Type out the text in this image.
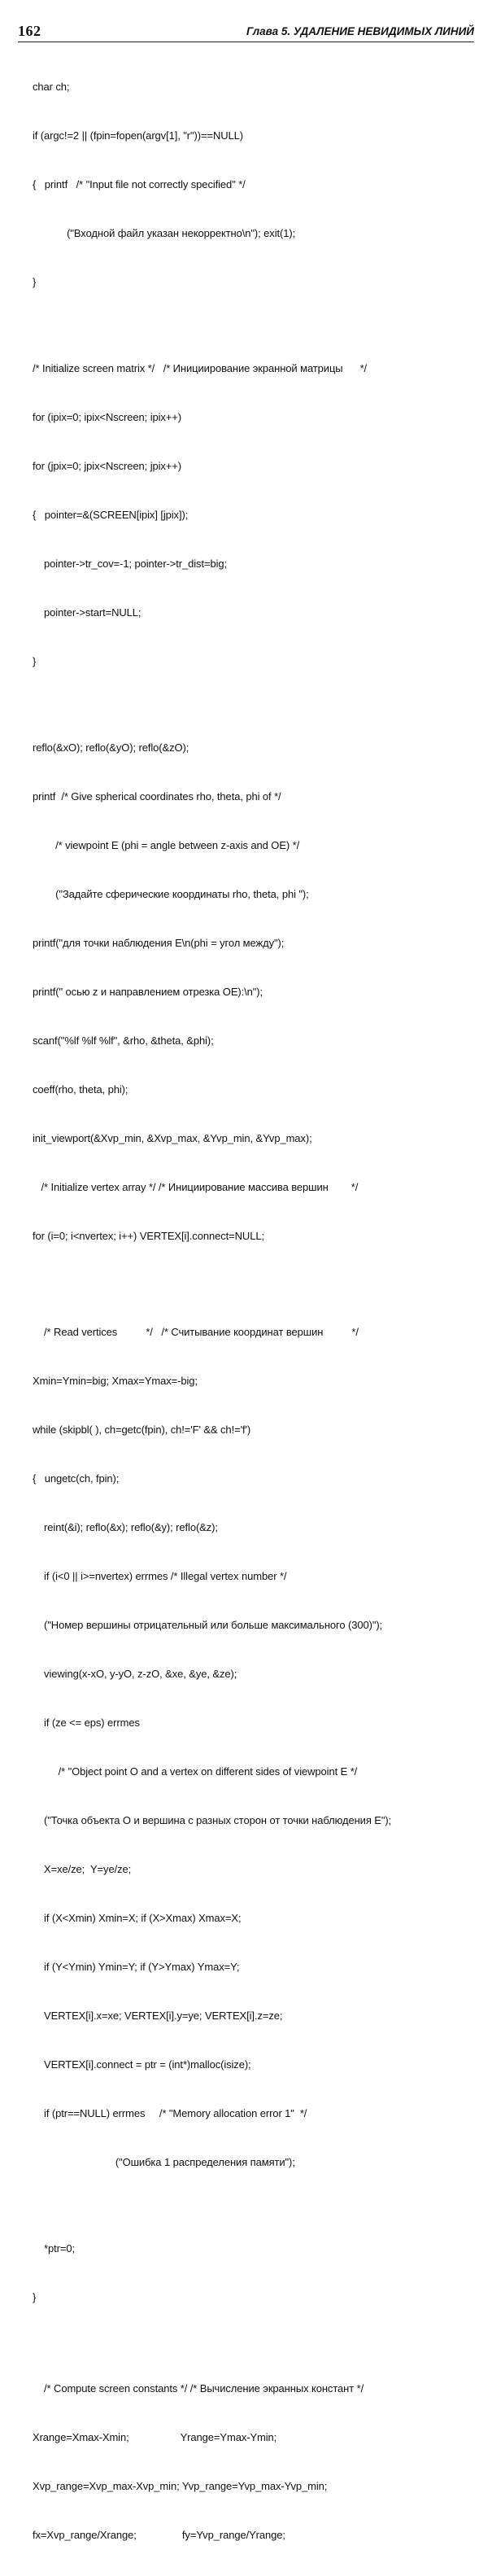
162	Глава 5. УДАЛЕНИЕ НЕВИДИМЫХ ЛИНИЙ

char ch;

if (argc!=2 || (fpin=fopen(argv[1], "r"))==NULL)

{   printf   /* "Input file not correctly specified" */

("Входной файл указан некорректно\n"); exit(1);

}

/* Initialize screen matrix */   /* Инициирование экранной матрицы      */

for (ipix=0; ipix<Nscreen; ipix++)

for (jpix=0; jpix<Nscreen; jpix++)

{   pointer=&(SCREEN[ipix] [jpix]);

pointer->tr_cov=-1; pointer->tr_dist=big;

pointer->start=NULL;

}

reflo(&xO); reflo(&yO); reflo(&zO);

printf  /* Give spherical coordinates rho, theta, phi of */

/* viewpoint E (phi = angle between z-axis and OE) */

("Задайте сферические координаты rho, theta, phi ");

printf("для точки наблюдения E\n(phi = угол между");

printf(" осью z и направлением отрезка OE):\n");

scanf("%lf %lf %lf", &rho, &theta, &phi);

coeff(rho, theta, phi);

init_viewport(&Xvp_min, &Xvp_max, &Yvp_min, &Yvp_max);

/* Initialize vertex array */ /* Инициирование массива вершин        */

for (i=0; i<nvertex; i++) VERTEX[i].connect=NULL;

/* Read vertices          */   /* Считывание координат вершин          */

Xmin=Ymin=big; Xmax=Ymax=-big;

while (skipbl( ), ch=getc(fpin), ch!='F' && ch!='f')

{   ungetc(ch, fpin);

reint(&i); reflo(&x); reflo(&y); reflo(&z);

if (i<0 || i>=nvertex) errmes /* Illegal vertex number */

("Номер вершины отрицательный или больше максимального (300)");

viewing(x-xO, y-yO, z-zO, &xe, &ye, &ze);

if (ze <= eps) errmes

/* "Object point O and a vertex on different sides of viewpoint E */

("Точка объекта O и вершина с разных сторон от точки наблюдения E");

X=xe/ze;  Y=ye/ze;

if (X<Xmin) Xmin=X; if (X>Xmax) Xmax=X;

if (Y<Ymin) Ymin=Y; if (Y>Ymax) Ymax=Y;

VERTEX[i].x=xe; VERTEX[i].y=ye; VERTEX[i].z=ze;

VERTEX[i].connect = ptr = (int*)malloc(isize);

if (ptr==NULL) errmes     /* "Memory allocation error 1"  */

("Ошибка 1 распределения памяти");

*ptr=0;

}

/* Compute screen constants */ /* Вычисление экранных констант */

Xrange=Xmax-Xmin;                  Yrange=Ymax-Ymin;

Xvp_range=Xvp_max-Xvp_min; Yvp_range=Yvp_max-Yvp_min;

fx=Xvp_range/Xrange;                fy=Yvp_range/Yrange;
